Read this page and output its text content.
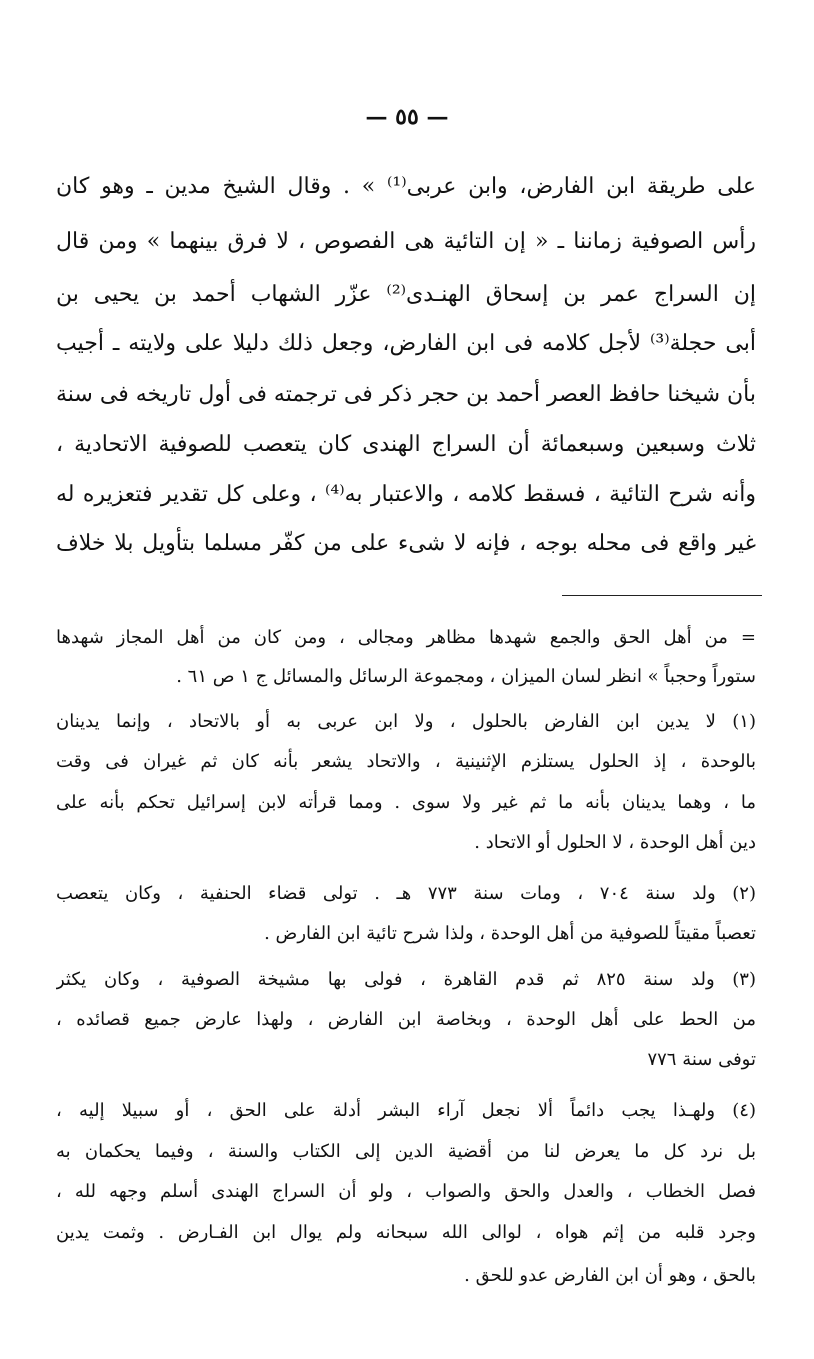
— ٥٥ —
على طريقة ابن الفارض، وابن عربى⁽¹⁾ » . وقال الشيخ مدين ـ وهو كان
رأس الصوفية زماننا ـ « إن التائية هى الفصوص ، لا فرق بينهما » ومن قال
إن السراج عمر بن إسحاق الهنـدى⁽²⁾ عزّر الشهاب أحمد بن يحيى بن
أبى حجلة⁽³⁾ لأجل كلامه فى ابن الفارض، وجعل ذلك دليلا على ولايته ـ أجيب
بأن شيخنا حافظ العصر أحمد بن حجر ذكر فى ترجمته فى أول تاريخه فى سنة
ثلاث وسبعين وسبعمائة أن السراج الهندى كان يتعصب للصوفية الاتحادية ،
وأنه شرح التائية ، فسقط كلامه ، والاعتبار به⁽⁴⁾ ، وعلى كل تقدير فتعزيره له
غير واقع فى محله بوجه ، فإنه لا شىء على من كفّر مسلما بتأويل بلا خلاف
= من أهل الحق والجمع شهدها مظاهر ومجالى ، ومن كان من أهل المجاز شهدها
ستوراً وحجباً » انظر لسان الميزان ، ومجموعة الرسائل والمسائل ج ١ ص ٦١ .
(١) لا يدين ابن الفارض بالحلول ، ولا ابن عربى به أو بالاتحاد ، وإنما يدينان
بالوحدة ، إذ الحلول يستلزم الإثنينية ، والاتحاد يشعر بأنه كان ثم غيران فى وقت
ما ، وهما يدينان بأنه ما ثم غير ولا سوى . ومما قرأته لابن إسرائيل تحكم بأنه على
دين أهل الوحدة ، لا الحلول أو الاتحاد .
(٢) ولد سنة ٧٠٤ ، ومات سنة ٧٧٣ هـ . تولى قضاء الحنفية ، وكان يتعصب
تعصباً مقيتاً للصوفية من أهل الوحدة ، ولذا شرح تائية ابن الفارض .
(٣) ولد سنة ٨٢٥ ثم قدم القاهرة ، فولى بها مشيخة الصوفية ، وكان يكثر
من الحط على أهل الوحدة ، وبخاصة ابن الفارض ، ولهذا عارض جميع قصائده ،
توفى سنة ٧٧٦
(٤) ولهـذا يجب دائماً ألا نجعل آراء البشر أدلة على الحق ، أو سبيلا إليه ،
بل نرد كل ما يعرض لنا من أقضية الدين إلى الكتاب والسنة ، وفيما يحكمان به
فصل الخطاب ، والعدل والحق والصواب ، ولو أن السراج الهندى أسلم وجهه لله ،
وجرد قلبه من إثم هواه ، لوالى الله سبحانه ولم يوال ابن الفـارض . وثمت يدين
بالحق ، وهو أن ابن الفارض عدو للحق .
